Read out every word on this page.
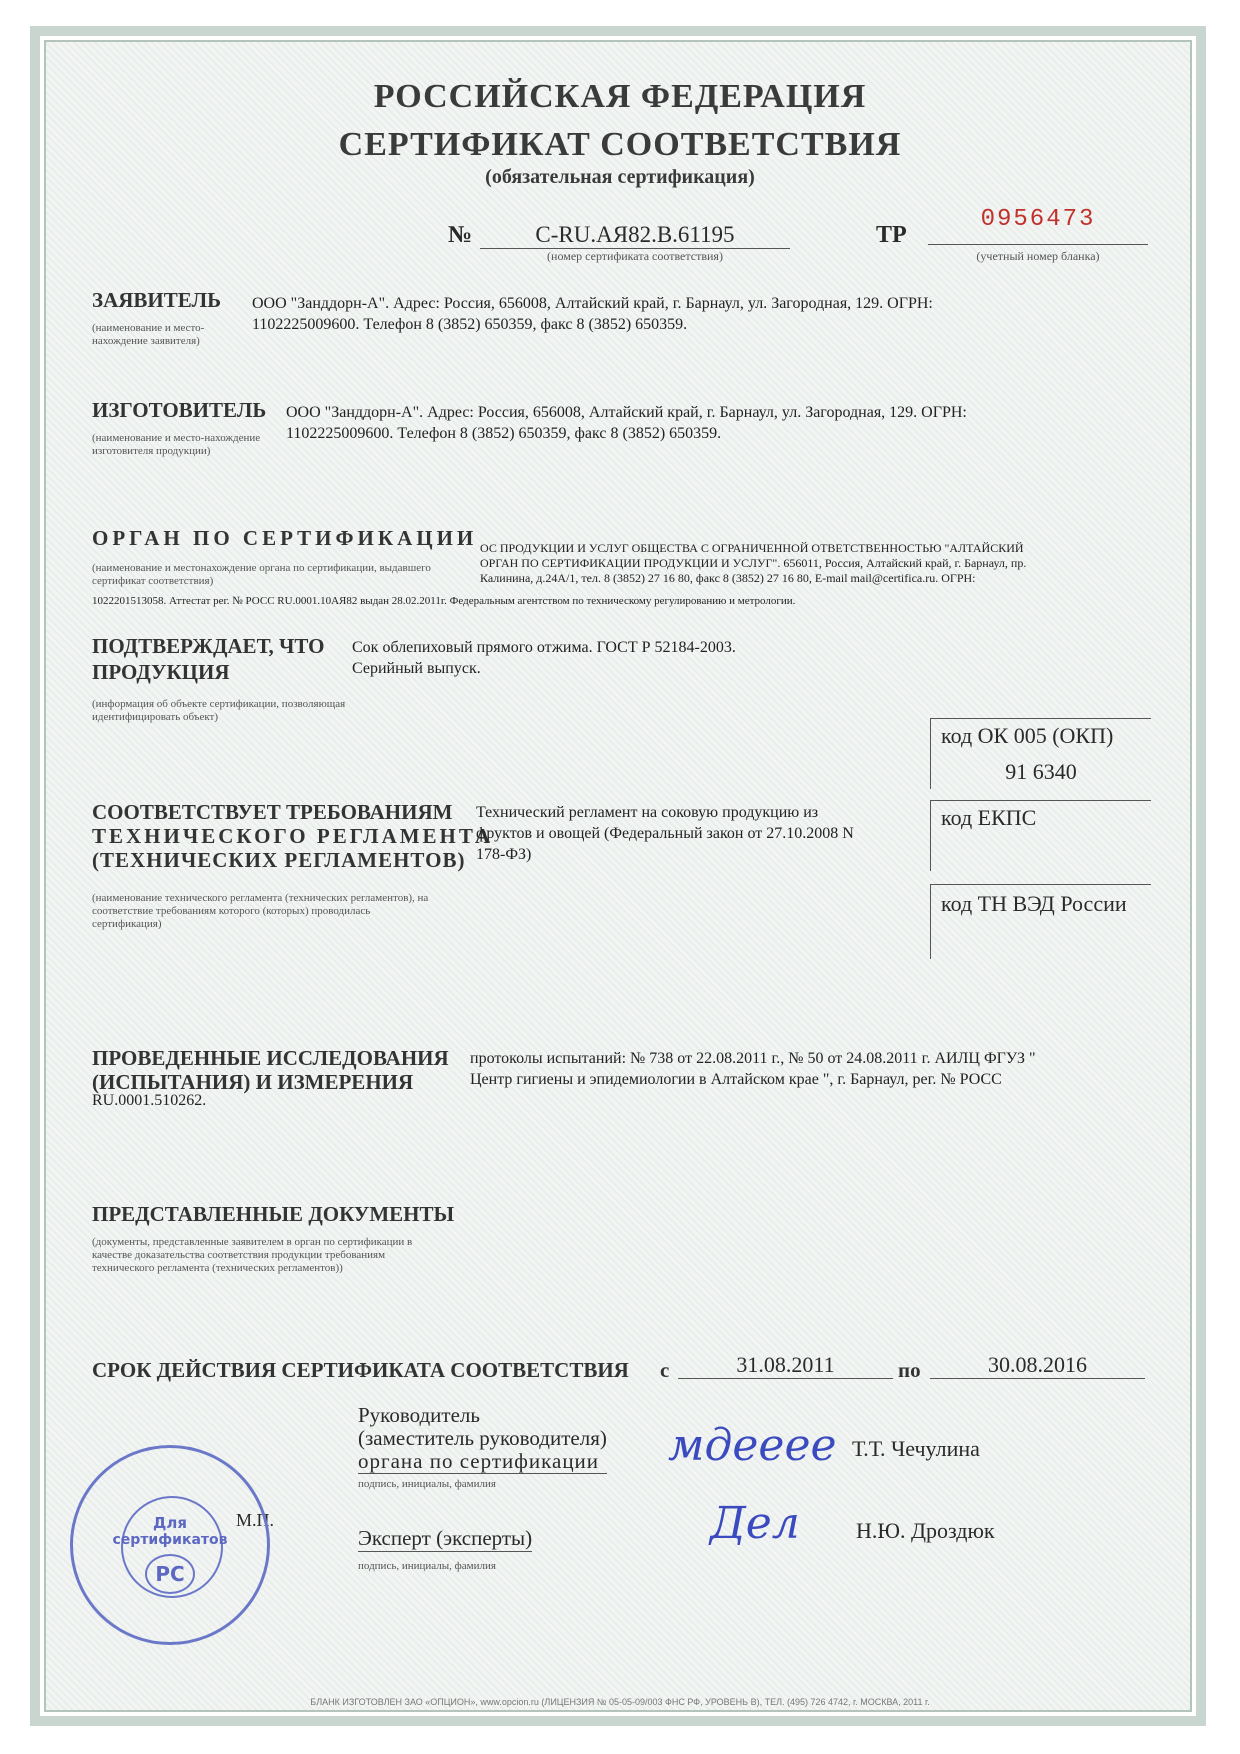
РОССИЙСКАЯ ФЕДЕРАЦИЯ
СЕРТИФИКАТ СООТВЕТСТВИЯ
(обязательная сертификация)
№	C-RU.АЯ82.В.61195
(номер сертификата соответствия)
ТР
0956473
(учетный номер бланка)
ЗАЯВИТЕЛЬ
(наименование и место-нахождение заявителя)
ООО "Занддорн-А". Адрес: Россия, 656008, Алтайский край, г. Барнаул, ул. Загородная, 129. ОГРН:
1102225009600. Телефон 8 (3852) 650359, факс 8 (3852) 650359.
ИЗГОТОВИТЕЛЬ
(наименование и место-нахождение изготовителя продукции)
ООО "Занддорн-А". Адрес: Россия, 656008, Алтайский край, г. Барнаул, ул. Загородная, 129. ОГРН:
1102225009600. Телефон 8 (3852) 650359, факс 8 (3852) 650359.
ОРГАН ПО СЕРТИФИКАЦИИ
(наименование и местонахождение органа по сертификации, выдавшего сертификат соответствия)
ОС ПРОДУКЦИИ И УСЛУГ ОБЩЕСТВА С ОГРАНИЧЕННОЙ ОТВЕТСТВЕННОСТЬЮ "АЛТАЙСКИЙ
ОРГАН ПО СЕРТИФИКАЦИИ ПРОДУКЦИИ И УСЛУГ". 656011, Россия, Алтайский край, г. Барнаул, пр.
Калинина, д.24А/1, тел. 8 (3852) 27 16 80, факс 8 (3852) 27 16 80, E-mail mail@certifica.ru. ОГРН:
1022201513058. Аттестат рег. № РОСС RU.0001.10АЯ82 выдан 28.02.2011г. Федеральным агентством по техническому регулированию и метрологии.
ПОДТВЕРЖДАЕТ, ЧТО
ПРОДУКЦИЯ
(информация об объекте сертификации, позволяющая идентифицировать объект)
Сок облепиховый прямого отжима. ГОСТ Р 52184-2003.
Серийный выпуск.
код ОК 005 (ОКП)
91 6340
код ЕКПС
код ТН ВЭД России
СООТВЕТСТВУЕТ ТРЕБОВАНИЯМ
ТЕХНИЧЕСКОГО РЕГЛАМЕНТА
(ТЕХНИЧЕСКИХ РЕГЛАМЕНТОВ)
(наименование технического регламента (технических регламентов), на соответствие требованиям которого (которых) проводилась сертификация)
Технический регламент на соковую продукцию из
фруктов и овощей (Федеральный закон от 27.10.2008 N
178-ФЗ)
ПРОВЕДЕННЫЕ ИССЛЕДОВАНИЯ
(ИСПЫТАНИЯ) И ИЗМЕРЕНИЯ
протоколы испытаний: № 738 от 22.08.2011 г., № 50 от 24.08.2011 г. АИЛЦ ФГУЗ "
Центр гигиены и эпидемиологии в Алтайском крае ", г. Барнаул, рег. № РОСС
RU.0001.510262.
ПРЕДСТАВЛЕННЫЕ ДОКУМЕНТЫ
(документы, представленные заявителем в орган по сертификации в качестве доказательства соответствия продукции требованиям технического регламента (технических регламентов))
СРОК ДЕЙСТВИЯ СЕРТИФИКАТА СООТВЕТСТВИЯ с	31.08.2011	по	30.08.2016
Руководитель
(заместитель руководителя)
органа по сертификации
подпись, инициалы, фамилия
мдееее Т.Т. Чечулина
М.П.
Эксперт (эксперты)
подпись, инициалы, фамилия
Дел	Н.Ю. Дроздюк
Для
сертификатов
РС
БЛАНК ИЗГОТОВЛЕН ЗАО «ОПЦИОН», www.opcion.ru (ЛИЦЕНЗИЯ № 05-05-09/003 ФНС РФ, УРОВЕНЬ В), ТЕЛ. (495) 726 4742, г. МОСКВА, 2011 г.
